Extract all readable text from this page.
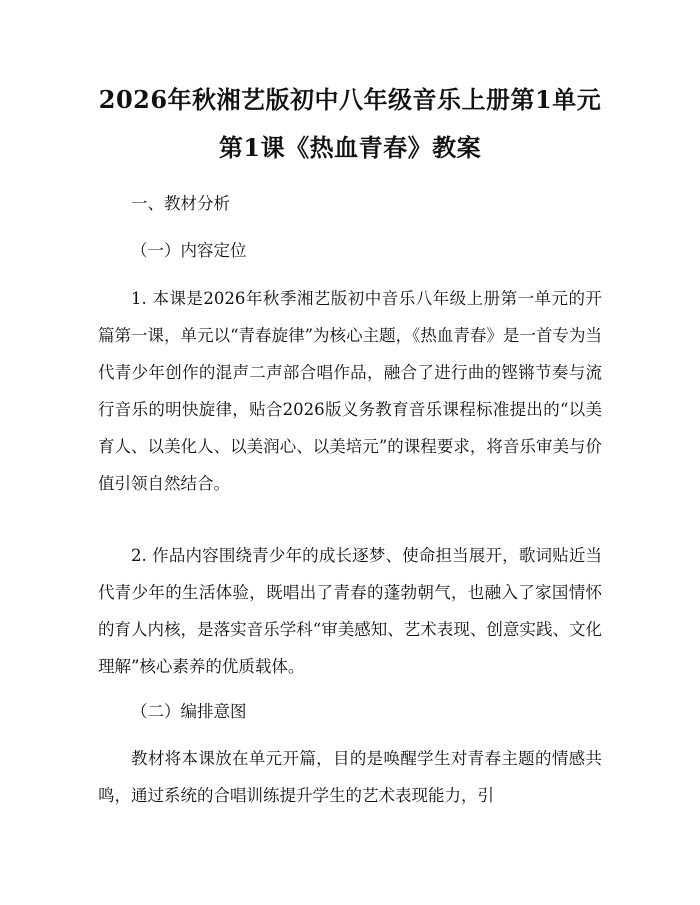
2026年秋湘艺版初中八年级音乐上册第1单元第1课《热血青春》教案

一、教材分析

（一）内容定位

1. 本课是2026年秋季湘艺版初中音乐八年级上册第一单元的开篇第一课，单元以“青春旋律”为核心主题，《热血青春》是一首专为当代青少年创作的混声二声部合唱作品，融合了进行曲的铿锵节奏与流行音乐的明快旋律，贴合2026版义务教育音乐课程标准提出的“以美育人、以美化人、以美润心、以美培元”的课程要求，将音乐审美与价值引领自然结合。

2. 作品内容围绕青少年的成长逐梦、使命担当展开，歌词贴近当代青少年的生活体验，既唱出了青春的蓬勃朝气，也融入了家国情怀的育人内核，是落实音乐学科“审美感知、艺术表现、创意实践、文化理解”核心素养的优质载体。

（二）编排意图

教材将本课放在单元开篇，目的是唤醒学生对青春主题的情感共鸣，通过系统的合唱训练提升学生的艺术表现能力，引
